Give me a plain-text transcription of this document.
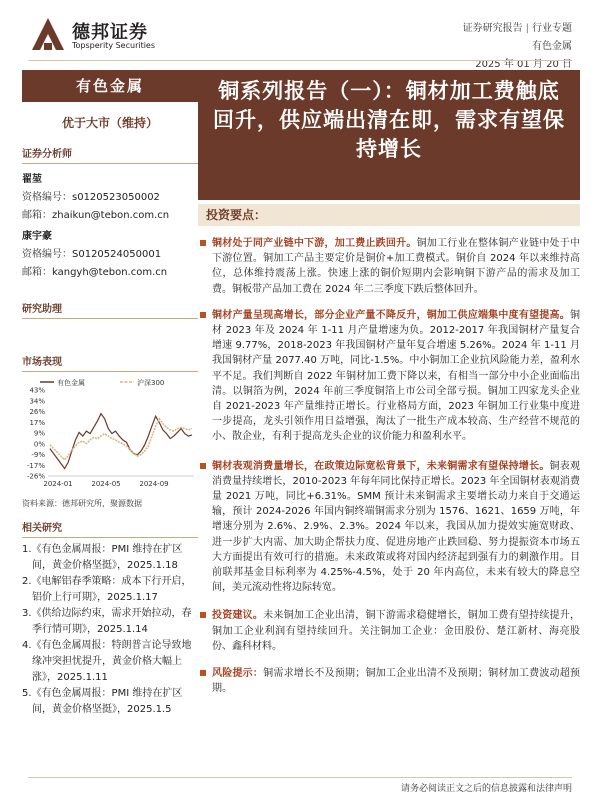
德邦证券
Topsperity Securities
证券研究报告 | 行业专题
有色金属
2025 年 01 月 20 日
有色金属
优于大市（维持）
证券分析师
翟堃
资格编号：s0120523050002
邮箱：zhaikun@tebon.com.cn
康宇豪
资格编号：S0120524050001
邮箱：kangyh@tebon.com.cn
研究助理
市场表现
有色金属	沪深300
43%
34%
26%
17%
9%
0%
-9%
-17%
-26%
2024-01	2024-05	2024-09
资料来源：德邦研究所，聚源数据
相关研究
1.《有色金属周报：PMI 维持在扩区间，黄金价格坚挺》，2025.1.18
2.《电解铝春季策略：成本下行开启，铝价上行可期》，2025.1.17
3.《供给边际约束，需求开始拉动，春季行情可期》，2025.1.14
4.《有色金属周报：特朗普言论导致地缘冲突担忧提升，黄金价格大幅上涨》，2025.1.11
5.《有色金属周报：PMI 维持在扩区间，黄金价格坚挺》，2025.1.5
铜系列报告（一）：铜材加工费触底回升，供应端出清在即，需求有望保持增长
投资要点：
铜材处于同产业链中下游，加工费止跌回升。铜加工行业在整体铜产业链中处于中下游位置。铜加工产品主要定价是铜价+加工费模式。铜价自 2024 年以来维持高位，总体维持震荡上涨。快速上涨的铜价短期内会影响铜下游产品的需求及加工费。铜板带产品加工费在 2024 年二三季度下跌后整体回升。
铜材产量呈现高增长，部分企业产量不降反升，铜加工供应端集中度有望提高。铜材 2023 年及 2024 年 1-11 月产量增速为负。2012-2017 年我国铜材产量复合增速 9.77%，2018-2023 年我国铜材产量年复合增速 5.26%。2024 年 1-11 月我国铜材产量 2077.40 万吨，同比-1.5%。中小铜加工企业抗风险能力差，盈利水平不足。我们判断自 2022 年铜材加工费下降以来，有相当一部分中小企业面临出清。以铜箔为例，2024 年前三季度铜箔上市公司全部亏损。铜加工四家龙头企业自 2021-2023 年产量维持正增长。行业格局方面，2023 年铜加工行业集中度进一步提高，龙头引领作用日益增强，淘汰了一批生产成本较高、生产经营不规范的小、散企业，有利于提高龙头企业的议价能力和盈利水平。
铜材表观消费量增长，在政策边际宽松背景下，未来铜需求有望保持增长。铜表观消费量持续增长，2010-2023 年每年同比保持正增长。2023 年全国铜材表观消费量 2021 万吨，同比+6.31%。SMM 预计未来铜需求主要增长动力来自于交通运输，预计 2024-2026 年国内铜终端铜需求分别为 1576、1621、1659 万吨，年增速分别为 2.6%、2.9%、2.3%。2024 年以来，我国从加力提效实施宽财政、进一步扩大内需、加大助企帮扶力度、促进房地产止跌回稳、努力提振资本市场五大方面提出有效可行的措施。未来政策或将对国内经济起到强有力的刺激作用。目前联邦基金目标利率为 4.25%-4.5%，处于 20 年内高位，未来有较大的降息空间，美元流动性将边际转宽。
投资建议。未来铜加工企业出清，铜下游需求稳健增长，铜加工费有望持续提升，铜加工企业利润有望持续回升。关注铜加工企业：金田股份、楚江新材、海亮股份、鑫科材料。
风险提示：铜需求增长不及预期；铜加工企业出清不及预期；铜材加工费波动超预期。
请务必阅读正文之后的信息披露和法律声明
